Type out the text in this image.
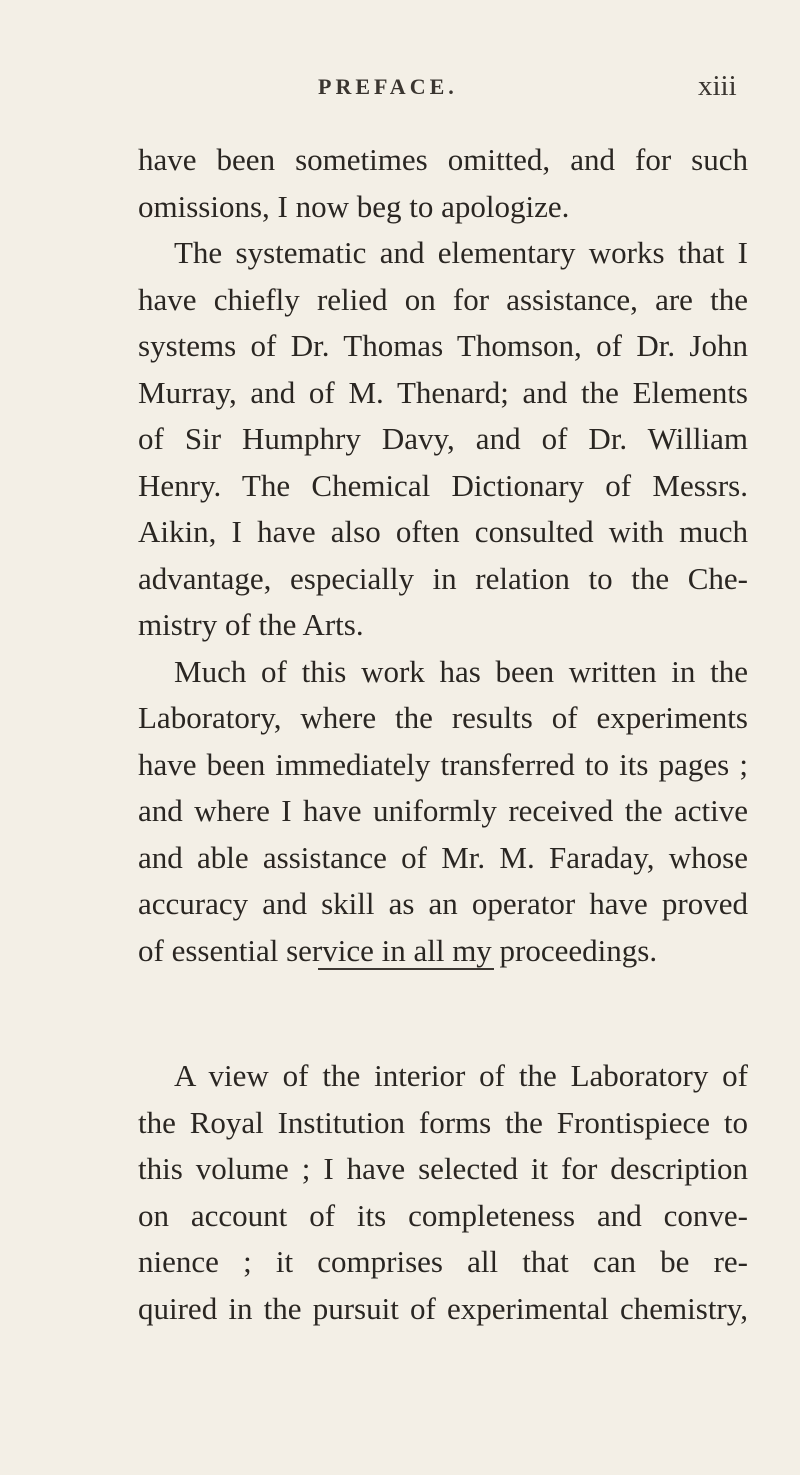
PREFACE.	xiii
have been sometimes omitted, and for such
omissions, I now beg to apologize.
The systematic and elementary works that I
have chiefly relied on for assistance, are the
systems of Dr. Thomas Thomson, of Dr. John
Murray, and of M. Thenard; and the Elements
of Sir Humphry Davy, and of Dr. William
Henry. The Chemical Dictionary of Messrs.
Aikin, I have also often consulted with much
advantage, especially in relation to the Che-
mistry of the Arts.
Much of this work has been written in the
Laboratory, where the results of experiments
have been immediately transferred to its pages ;
and where I have uniformly received the active
and able assistance of Mr. M. Faraday, whose
accuracy and skill as an operator have proved
of essential service in all my proceedings.
A view of the interior of the Laboratory of
the Royal Institution forms the Frontispiece to
this volume ; I have selected it for description
on account of its completeness and conve-
nience ; it comprises all that can be re-
quired in the pursuit of experimental chemistry,
